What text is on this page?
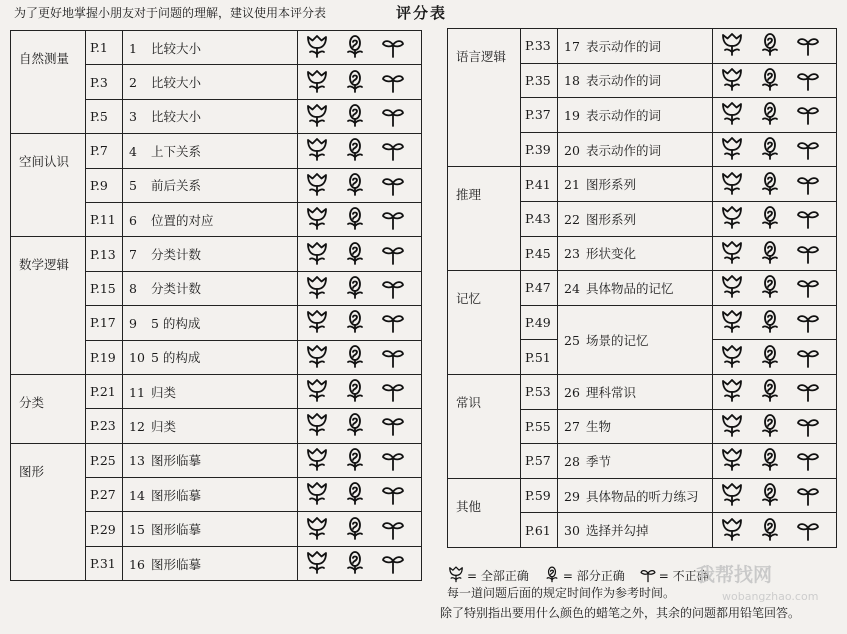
为了更好地掌握小朋友对于问题的理解，建议使用本评分表	评分表
自然测量	P.1	1 比较大小	

	P.3	2 比较大小	

	P.5	3 比较大小	

空间认识	P.7	4 上下关系	

	P.9	5 前后关系	

	P.11	6 位置的对应	

数学逻辑	P.13	7 分类计数	

	P.15	8 分类计数	

	P.17	9 5 的构成	

	P.19	10 5 的构成	

分类	P.21	11 归类	

	P.23	12 归类	

图形	P.25	13 图形临摹	

	P.27	14 图形临摹	

	P.29	15 图形临摹	

	P.31	16 图形临摹	
语言逻辑	P.33	17 表示动作的词	

	P.35	18 表示动作的词	

	P.37	19 表示动作的词	

	P.39	20 表示动作的词	

推理	P.41	21 图形系列	

	P.43	22 图形系列	

	P.45	23 形状变化	

记忆	P.47	24 具体物品的记忆	

	P.49	25 场景的记忆	

	P.51	

常识	P.53	26 理科常识	

	P.55	27 生物	

	P.57	28 季节	

其他	P.59	29 具体物品的听力练习	

	P.61	30 选择并勾掉	
= 全部正确	= 部分正确	= 不正确
每一道问题后面的规定时间作为参考时间。
除了特别指出要用什么颜色的蜡笔之外，其余的问题都用铅笔回答。
我帮找网
wobangzhao.com
